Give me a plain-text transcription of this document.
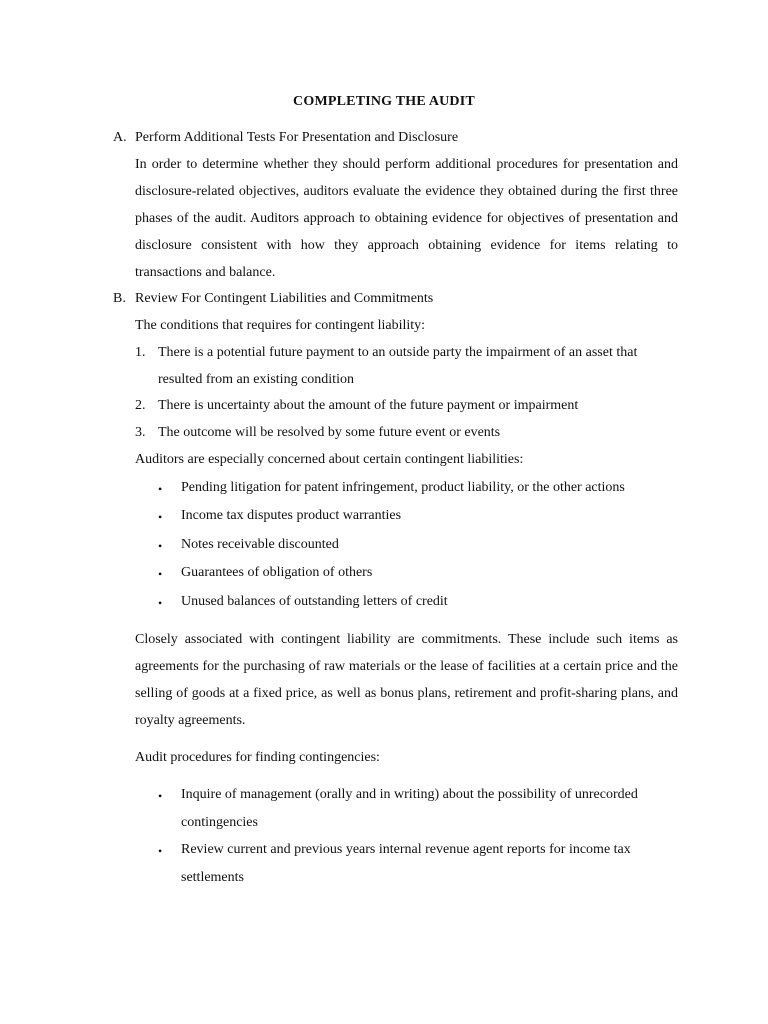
COMPLETING THE AUDIT
A. Perform Additional Tests For Presentation and Disclosure
In order to determine whether they should perform additional procedures for presentation and disclosure-related objectives, auditors evaluate the evidence they obtained during the first three phases of the audit. Auditors approach to obtaining evidence for objectives of presentation and disclosure consistent with how they approach obtaining evidence for items relating to transactions and balance.
B. Review For Contingent Liabilities and Commitments
The conditions that requires for contingent liability:
1. There is a potential future payment to an outside party the impairment of an asset that resulted from an existing condition
2. There is uncertainty about the amount of the future payment or impairment
3. The outcome will be resolved by some future event or events
Auditors are especially concerned about certain contingent liabilities:
•	Pending litigation for patent infringement, product liability, or the other actions
•	Income tax disputes product warranties
•	Notes receivable discounted
•	Guarantees of obligation of others
•	Unused balances of outstanding letters of credit
Closely associated with contingent liability are commitments. These include such items as agreements for the purchasing of raw materials or the lease of facilities at a certain price and the selling of goods at a fixed price, as well as bonus plans, retirement and profit-sharing plans, and royalty agreements.
Audit procedures for finding contingencies:
•	Inquire of management (orally and in writing) about the possibility of unrecorded contingencies
•	Review current and previous years internal revenue agent reports for income tax settlements
